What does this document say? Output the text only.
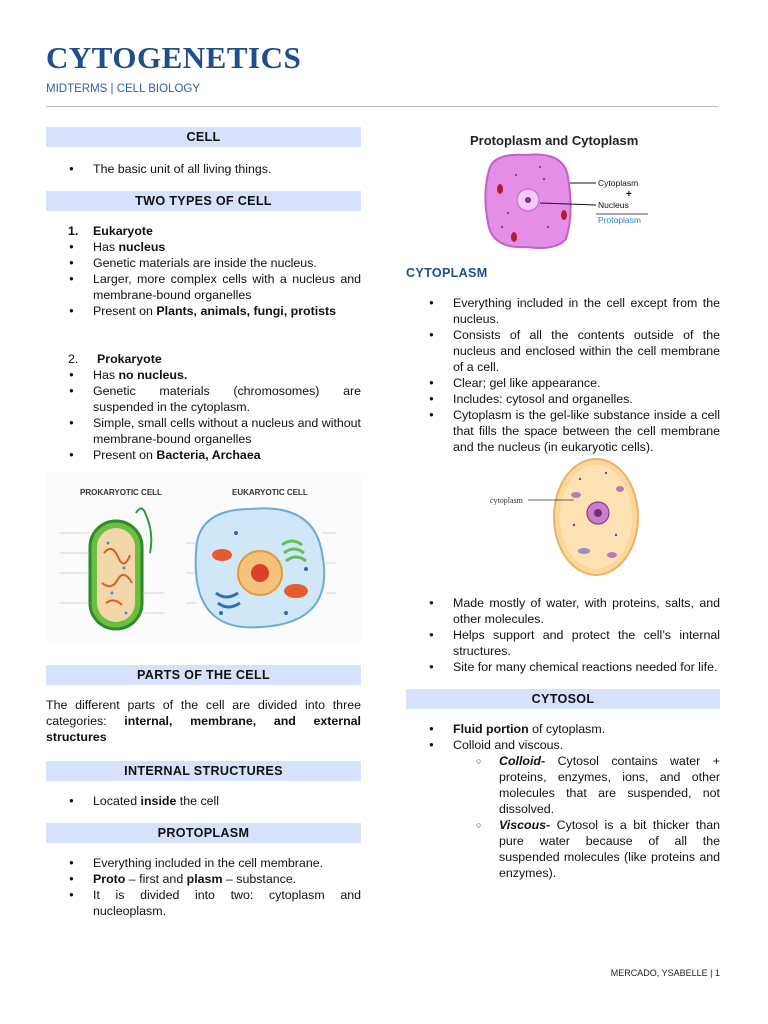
CYTOGENETICS
MIDTERMS | CELL BIOLOGY
CELL
● The basic unit of all living things.
TWO TYPES OF CELL
1. Eukaryote
● Has nucleus
● Genetic materials are inside the nucleus.
● Larger, more complex cells with a nucleus and membrane-bound organelles
● Present on Plants, animals, fungi, protists
2. Prokaryote
● Has no nucleus.
● Genetic materials (chromosomes) are suspended in the cytoplasm.
● Simple, small cells without a nucleus and without membrane-bound organelles
● Present on Bacteria, Archaea
PROKARYOTIC CELL	EUKARYOTIC CELL
PARTS OF THE CELL

The different parts of the cell are divided into three categories: internal, membrane, and external structures

INTERNAL STRUCTURES
● Located inside the cell
PROTOPLASM
● Everything included in the cell membrane.
● Proto – first and plasm – substance.
● It is divided into two: cytoplasm and nucleoplasm.
Protoplasm and Cytoplasm
Cytoplasm
+
Nucleus
Protoplasm
CYTOPLASM
● Everything included in the cell except from the nucleus.
● Consists of all the contents outside of the nucleus and enclosed within the cell membrane of a cell.
● Clear; gel like appearance.
● Includes: cytosol and organelles.
● Cytoplasm is the gel-like substance inside a cell that fills the space between the cell membrane and the nucleus (in eukaryotic cells).
cytoplasm
● Made mostly of water, with proteins, salts, and other molecules.
● Helps support and protect the cell’s internal structures.
● Site for many chemical reactions needed for life.
CYTOSOL
● Fluid portion of cytoplasm.
● Colloid and viscous.
○ Colloid- Cytosol contains water + proteins, enzymes, ions, and other molecules that are suspended, not dissolved.
○ Viscous- Cytosol is a bit thicker than pure water because of all the suspended molecules (like proteins and enzymes).
MERCADO, YSABELLE | 1
